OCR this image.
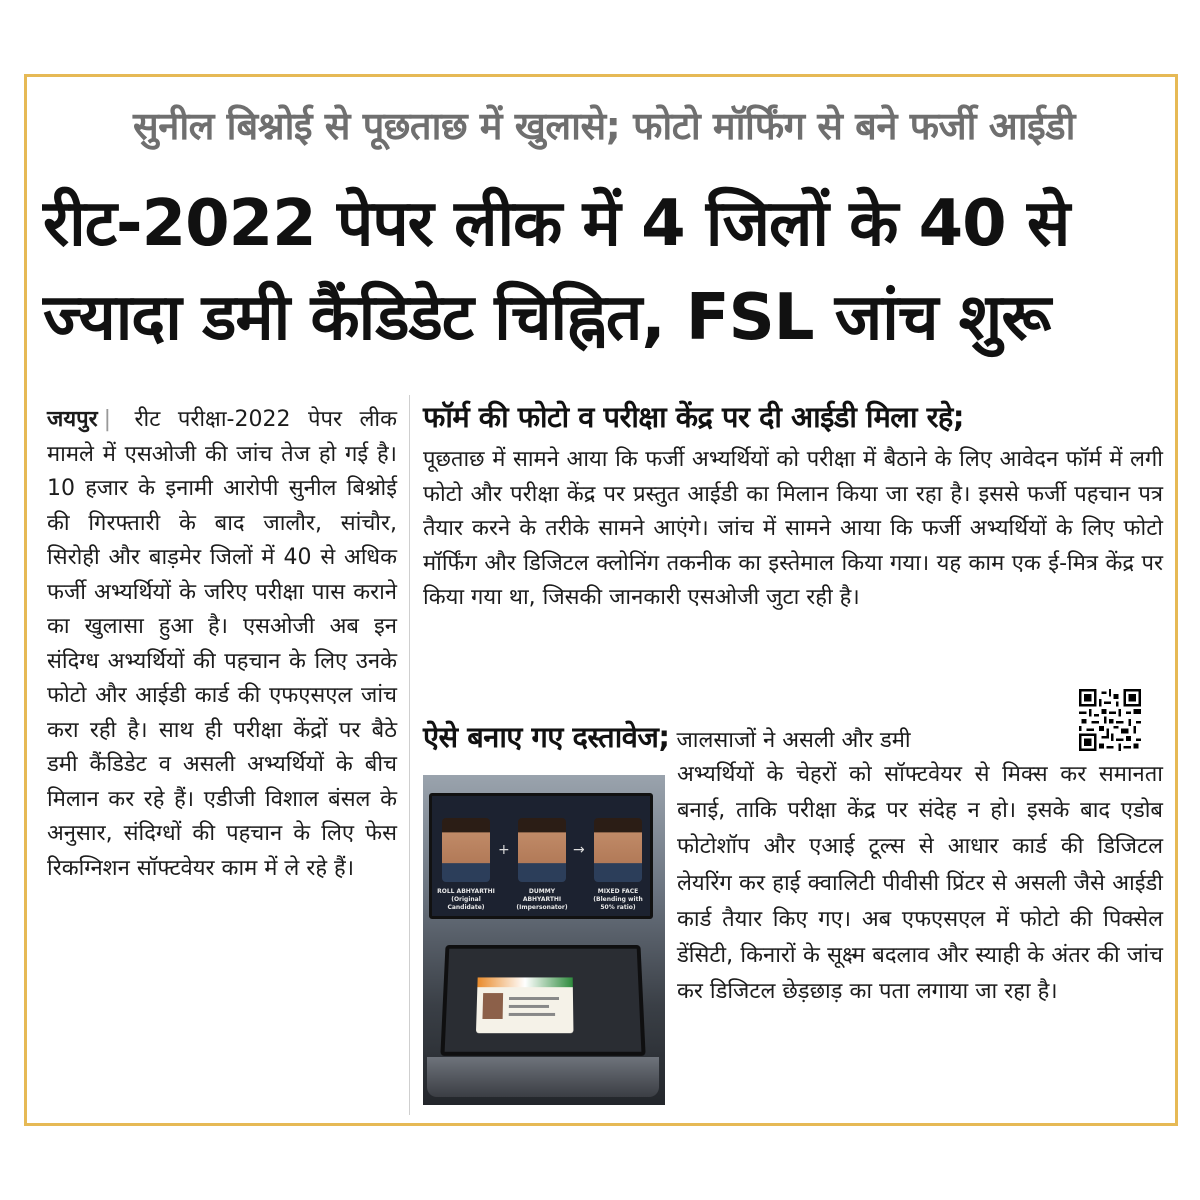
सुनील बिश्नोई से पूछताछ में खुलासे; फोटो मॉर्फिंग से बने फर्जी आईडी
रीट-2022 पेपर लीक में 4 जिलों के 40 से
ज्यादा डमी कैंडिडेट चिह्नित, FSL जांच शुरू
जयपुर | रीट परीक्षा-2022 पेपर लीक मामले में एसओजी की जांच तेज हो गई है। 10 हजार के इनामी आरोपी सुनील बिश्नोई की गिरफ्तारी के बाद जालौर, सांचौर, सिरोही और बाड़मेर जिलों में 40 से अधिक फर्जी अभ्यर्थियों के जरिए परीक्षा पास कराने का खुलासा हुआ है। एसओजी अब इन संदिग्ध अभ्यर्थियों की पहचान के लिए उनके फोटो और आईडी कार्ड की एफएसएल जांच करा रही है। साथ ही परीक्षा केंद्रों पर बैठे डमी कैंडिडेट व असली अभ्यर्थियों के बीच मिलान कर रहे हैं। एडीजी विशाल बंसल के अनुसार, संदिग्धों की पहचान के लिए फेस रिकग्निशन सॉफ्टवेयर काम में ले रहे हैं।
फॉर्म की फोटो व परीक्षा केंद्र पर दी आईडी मिला रहे;
पूछताछ में सामने आया कि फर्जी अभ्यर्थियों को परीक्षा में बैठाने के लिए आवेदन फॉर्म में लगी फोटो और परीक्षा केंद्र पर प्रस्तुत आईडी का मिलान किया जा रहा है। इससे फर्जी पहचान पत्र तैयार करने के तरीके सामने आएंगे। जांच में सामने आया कि फर्जी अभ्यर्थियों के लिए फोटो मॉर्फिंग और डिजिटल क्लोनिंग तकनीक का इस्तेमाल किया गया। यह काम एक ई-मित्र केंद्र पर किया गया था, जिसकी जानकारी एसओजी जुटा रही है।
ऐसे बनाए गए दस्तावेज; जालसाजों ने असली और डमी
+	→
ROLL ABHYARTHI (Original Candidate)
DUMMY ABHYARTHI (Impersonator)
MIXED FACE (Blending with 50% ratio)
अभ्यर्थियों के चेहरों को सॉफ्टवेयर से मिक्स कर समानता बनाई, ताकि परीक्षा केंद्र पर संदेह न हो। इसके बाद एडोब फोटोशॉप और एआई टूल्स से आधार कार्ड की डिजिटल लेयरिंग कर हाई क्वालिटी पीवीसी प्रिंटर से असली जैसे आईडी कार्ड तैयार किए गए। अब एफएसएल में फोटो की पिक्सेल डेंसिटी, किनारों के सूक्ष्म बदलाव और स्याही के अंतर की जांच कर डिजिटल छेड़छाड़ का पता लगाया जा रहा है।
